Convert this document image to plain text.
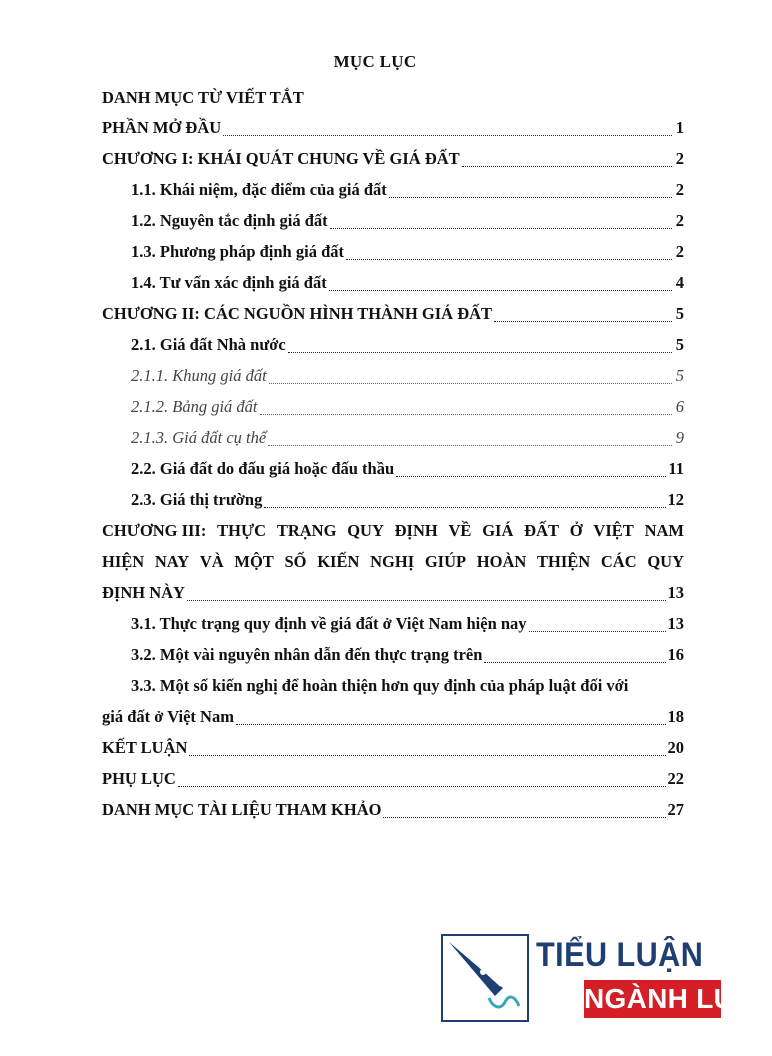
MỤC LỤC
DANH MỤC TỪ VIẾT TẮT
PHẦN MỞ ĐẦU	1
CHƯƠNG I: KHÁI QUÁT CHUNG VỀ GIÁ ĐẤT	2
1.1. Khái niệm, đặc điểm của giá đất	2
1.2. Nguyên tắc định giá đất	2
1.3. Phương pháp định giá đất	2
1.4. Tư vấn xác định giá đất	4
CHƯƠNG II: CÁC NGUỒN HÌNH THÀNH GIÁ ĐẤT	5
2.1. Giá đất Nhà nước	5
2.1.1. Khung giá đất	5
2.1.2. Bảng giá đất	6
2.1.3. Giá đất cụ thể	9
2.2. Giá đất do đấu giá hoặc đấu thầu	11
2.3. Giá thị trường	12
CHƯƠNG III: THỰC TRẠNG QUY ĐỊNH VỀ GIÁ ĐẤT Ở VIỆT NAM
HIỆN NAY VÀ MỘT SỐ KIẾN NGHỊ GIÚP HOÀN THIỆN CÁC QUY
ĐỊNH NÀY	13
3.1. Thực trạng quy định về giá đất ở Việt Nam hiện nay	13
3.2. Một vài nguyên nhân dẫn đến thực trạng trên	16
3.3. Một số kiến nghị để hoàn thiện hơn quy định của pháp luật đối với
giá đất ở Việt Nam	18
KẾT LUẬN	20
PHỤ LỤC	22
DANH MỤC TÀI LIỆU THAM KHẢO	27
TIỂU LUẬN
NGÀNH LUẬT
